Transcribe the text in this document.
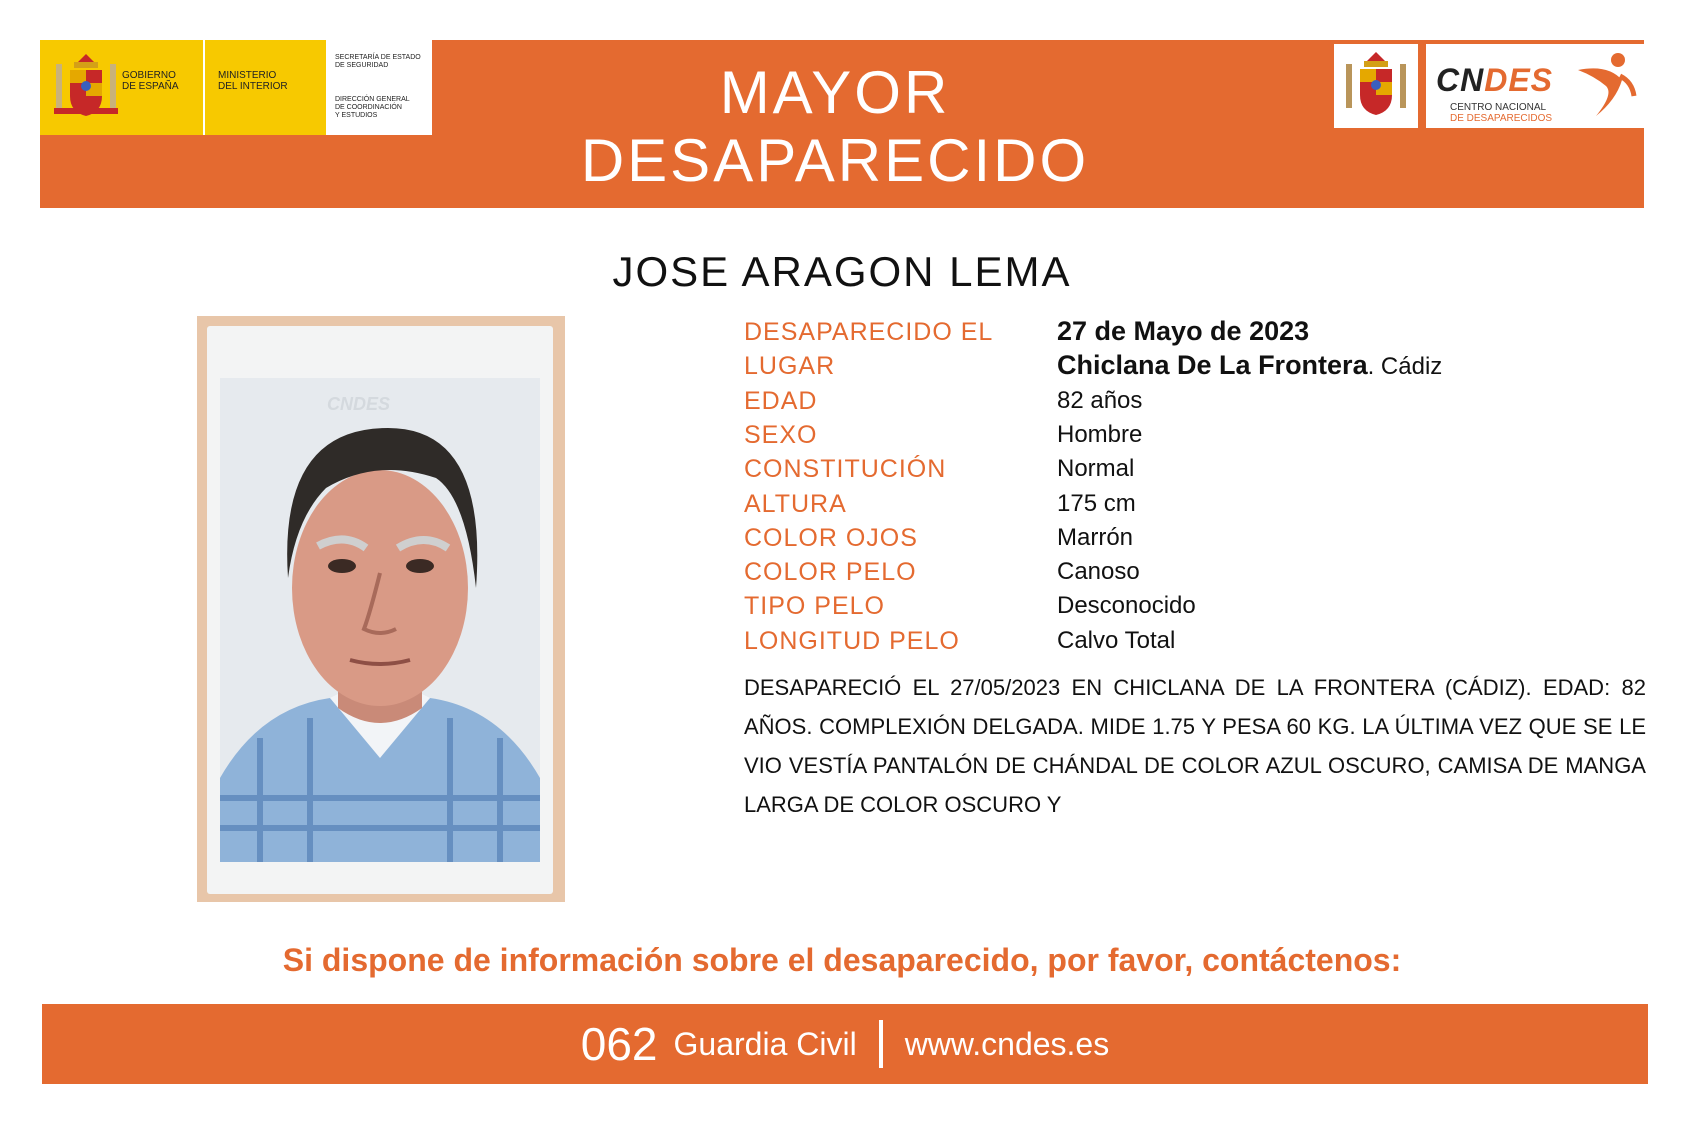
GOBIERNO
DE ESPAÑA
MINISTERIO
DEL INTERIOR
SECRETARÍA DE ESTADO
DE SEGURIDAD
DIRECCIÓN GENERAL
DE COORDINACIÓN
Y ESTUDIOS	MAYOR
DESAPARECIDO
CNDES
CENTRO NACIONAL
DE DESAPARECIDOS
JOSE ARAGON LEMA
CNDES
DESAPARECIDO EL 27 de Mayo de 2023
LUGAR	Chiclana De La Frontera. Cádiz
EDAD	82 años
SEXO	Hombre
CONSTITUCIÓN	Normal
ALTURA	175 cm
COLOR OJOS	Marrón
COLOR PELO	Canoso
TIPO PELO	Desconocido
LONGITUD PELO	Calvo Total
DESAPARECIÓ EL 27/05/2023 EN CHICLANA DE LA FRONTERA (CÁDIZ). EDAD: 82 AÑOS. COMPLEXIÓN DELGADA. MIDE 1.75 Y PESA 60 KG. LA ÚLTIMA VEZ QUE SE LE VIO VESTÍA PANTALÓN DE CHÁNDAL DE COLOR AZUL OSCURO, CAMISA DE MANGA LARGA DE COLOR OSCURO Y
Si dispone de información sobre el desaparecido, por favor, contáctenos:
062 Guardia Civil www.cndes.es
